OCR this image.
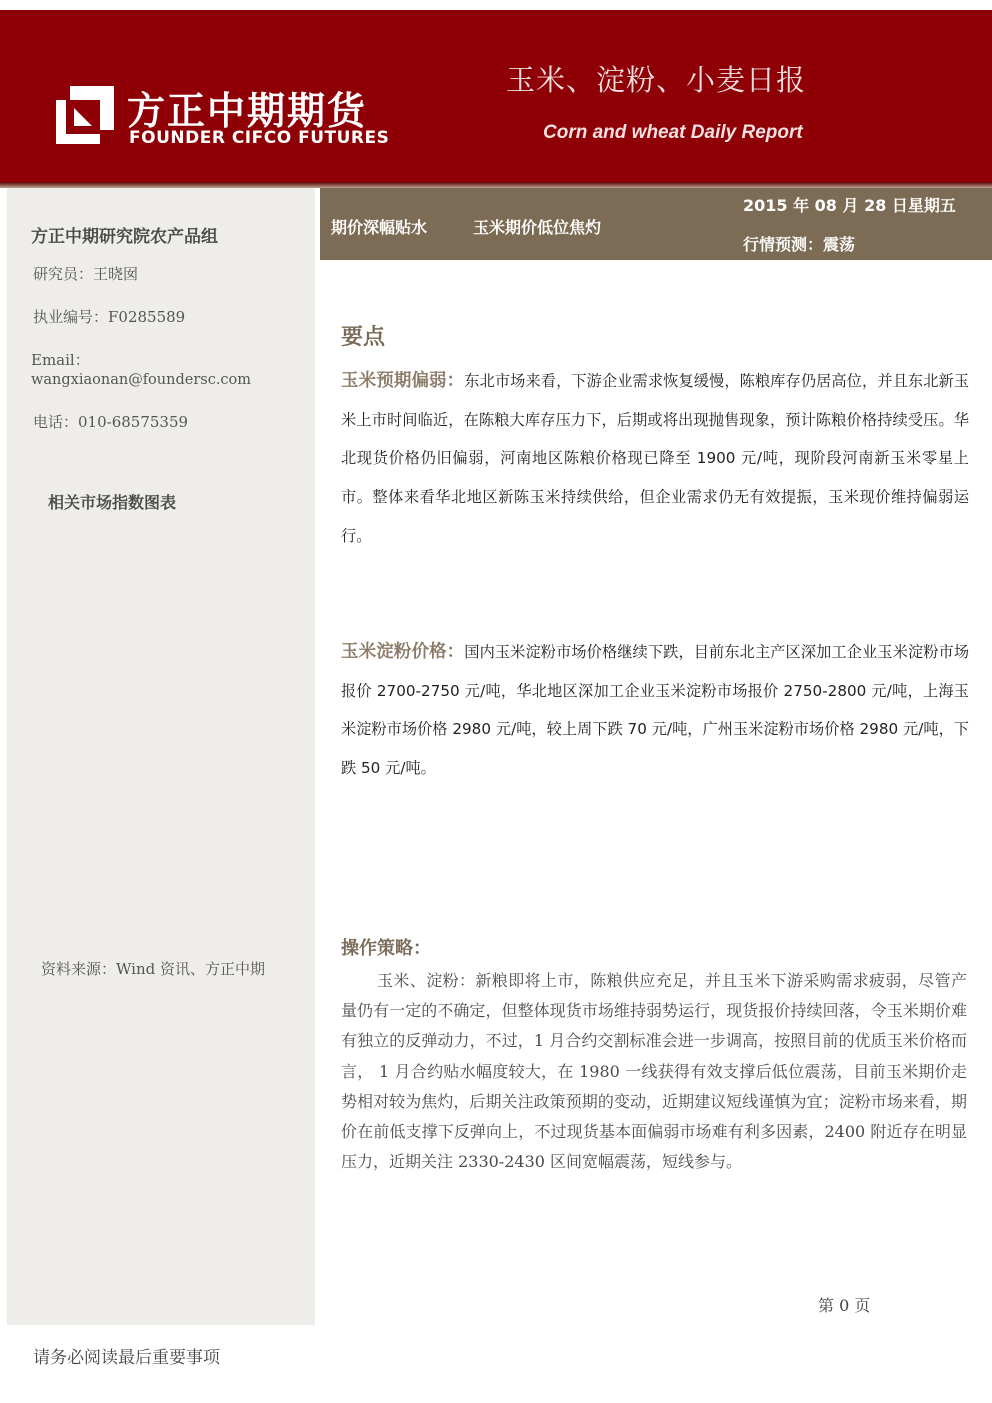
方正中期期货
FOUNDER CIFCO FUTURES
玉米、淀粉、小麦日报
Corn and wheat Daily Report
方正中期研究院农产品组
研究员：王晓囡
执业编号：F0285589
Email：
wangxiaonan@foundersc.com
电话：010-68575359
相关市场指数图表
资料来源：Wind 资讯、方正中期
期价深幅贴水	玉米期价低位焦灼
2015 年 08 月 28 日星期五
行情预测：震荡
要点
玉米预期偏弱：东北市场来看，下游企业需求恢复缓慢，陈粮库存仍居高位，并且东北新玉米上市时间临近，在陈粮大库存压力下，后期或将出现抛售现象，预计陈粮价格持续受压。华北现货价格仍旧偏弱，河南地区陈粮价格现已降至 1900 元/吨，现阶段河南新玉米零星上市。整体来看华北地区新陈玉米持续供给，但企业需求仍无有效提振，玉米现价维持偏弱运行。
玉米淀粉价格：国内玉米淀粉市场价格继续下跌，目前东北主产区深加工企业玉米淀粉市场报价 2700-2750 元/吨，华北地区深加工企业玉米淀粉市场报价 2750-2800 元/吨，上海玉米淀粉市场价格 2980 元/吨，较上周下跌 70 元/吨，广州玉米淀粉市场价格 2980 元/吨，下跌 50 元/吨。
操作策略：
玉米、淀粉：新粮即将上市，陈粮供应充足，并且玉米下游采购需求疲弱，尽管产量仍有一定的不确定，但整体现货市场维持弱势运行，现货报价持续回落，令玉米期价难有独立的反弹动力，不过，1 月合约交割标准会进一步调高，按照目前的优质玉米价格而言， 1 月合约贴水幅度较大，在 1980 一线获得有效支撑后低位震荡，目前玉米期价走势相对较为焦灼，后期关注政策预期的变动，近期建议短线谨慎为宜；淀粉市场来看，期价在前低支撑下反弹向上，不过现货基本面偏弱市场难有利多因素，2400 附近存在明显压力，近期关注 2330-2430 区间宽幅震荡，短线参与。
第 0 页
请务必阅读最后重要事项
